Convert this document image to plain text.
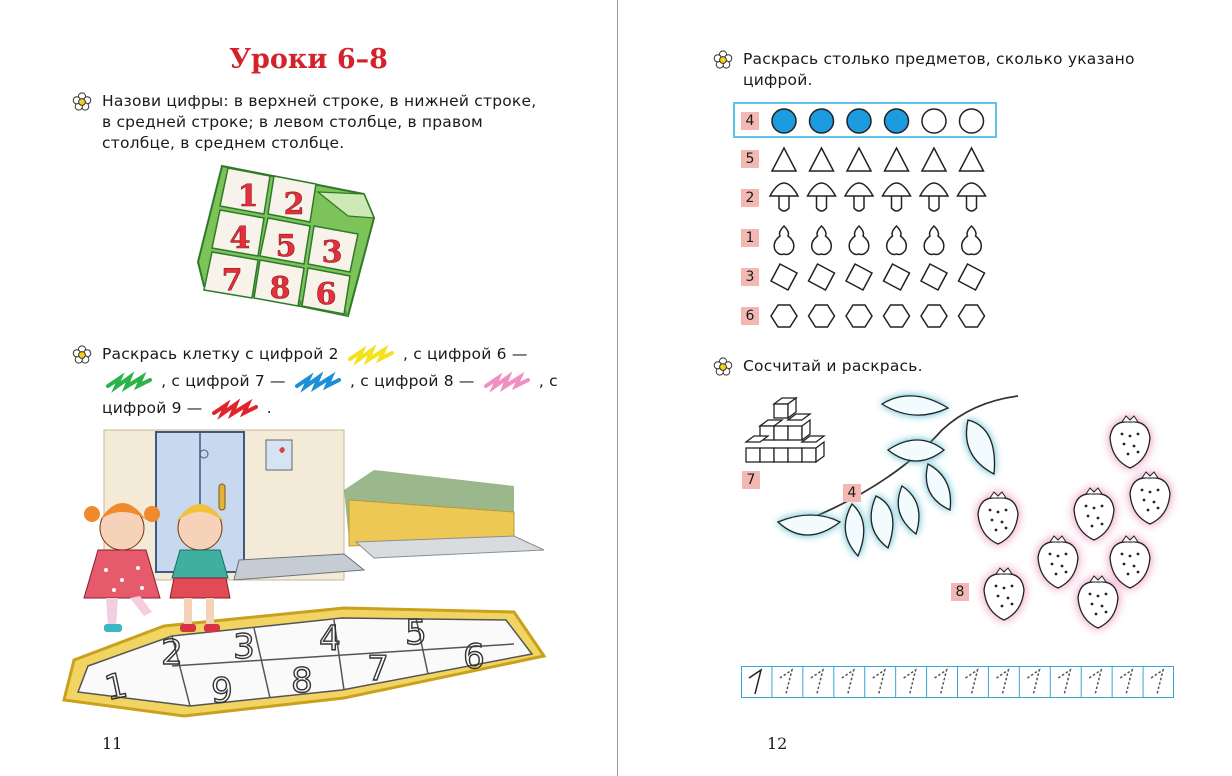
Уроки 6–8
Назови цифры: в верхней строке, в нижней строке, в средней строке; в левом столбце, в правом столбце, в среднем столбце.
1 2
4 5 3
7 8 6
Раскрась клетку с цифрой 2	, с цифрой 6 —  , с цифрой 7 —	, с цифрой 8 —	, с цифрой 9 —	.
1
2 3 4 5
6
7
8
9
11
Раскрась столько предметов, сколько указано цифрой.
4
5
2
1
3
6
Сосчитай и раскрась.
7
4
8
12
